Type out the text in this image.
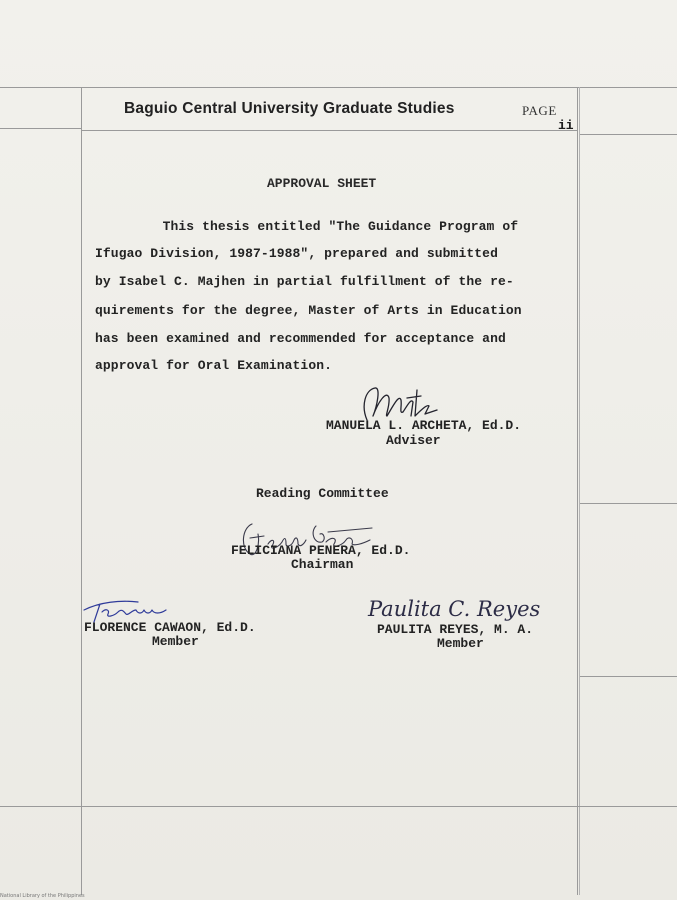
Baguio Central University Graduate Studies	PAGE
ii
APPROVAL SHEET
This thesis entitled "The Guidance Program of
Ifugao Division, 1987-1988", prepared and submitted
by Isabel C. Majhen in partial fulfillment of the re-
quirements for the degree, Master of Arts in Education
has been examined and recommended for acceptance and
approval for Oral Examination.
MANUELA L. ARCHETA, Ed.D.
Adviser
Reading Committee
FELICIANA PENERA, Ed.D.
Chairman
FLORENCE CAWAON, Ed.D.
Member
Paulita C. Reyes
PAULITA REYES, M. A.
Member
National Library of the Philippines
